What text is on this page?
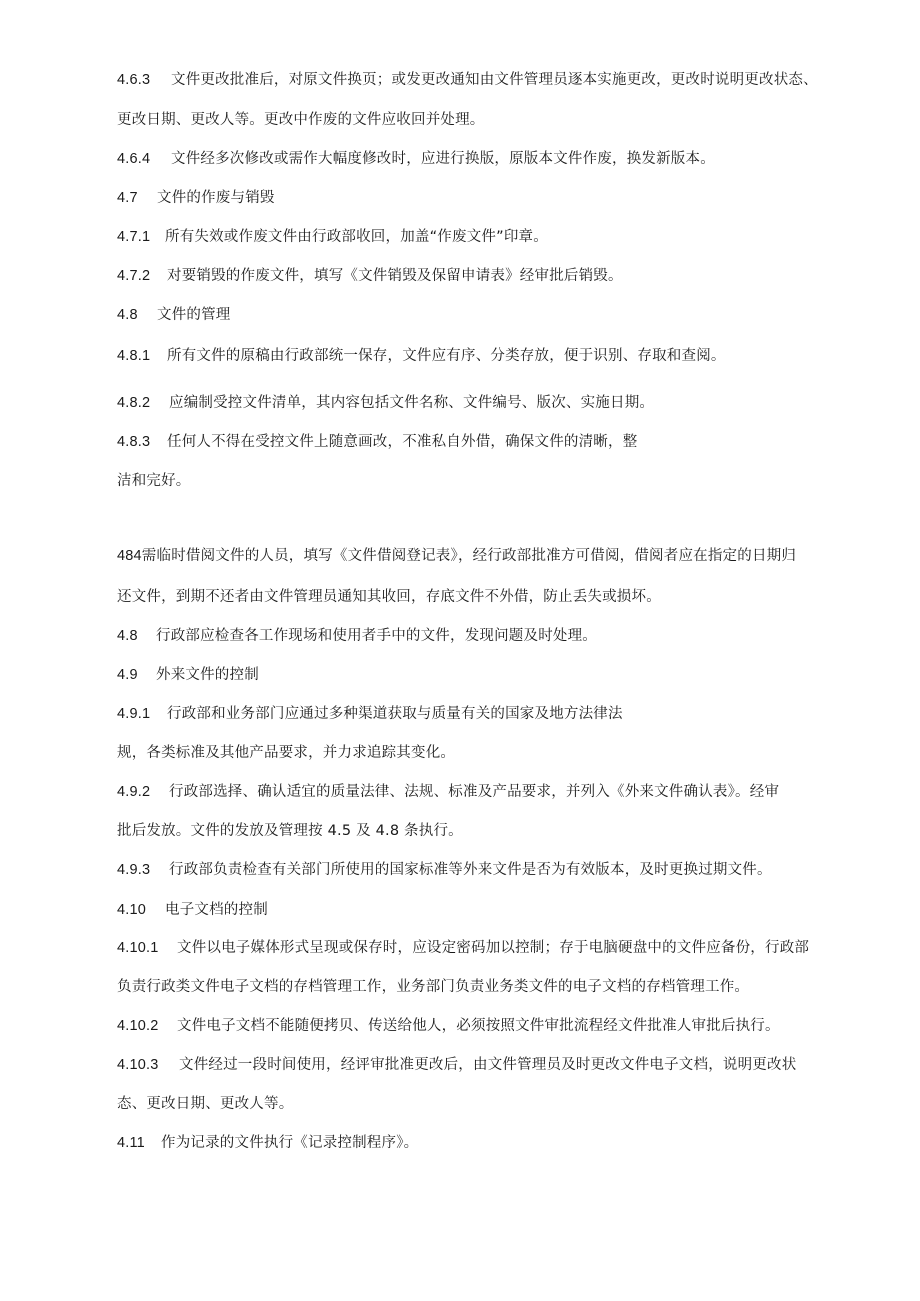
4.6.3 文件更改批准后，对原文件换页；或发更改通知由文件管理员逐本实施更改，更改时说明更改状态、
更改日期、更改人等。更改中作废的文件应收回并处理。
4.6.4 文件经多次修改或需作大幅度修改时，应进行换版，原版本文件作废，换发新版本。
4.7 文件的作废与销毁
4.7.1 所有失效或作废文件由行政部收回，加盖“作废文件”印章。
4.7.2 对要销毁的作废文件，填写《文件销毁及保留申请表》经审批后销毁。
4.8 文件的管理
4.8.1 所有文件的原稿由行政部统一保存，文件应有序、分类存放，便于识别、存取和查阅。
4.8.2 应编制受控文件清单，其内容包括文件名称、文件编号、版次、实施日期。
4.8.3 任何人不得在受控文件上随意画改，不准私自外借，确保文件的清晰，整
洁和完好。
484需临时借阅文件的人员，填写《文件借阅登记表》，经行政部批准方可借阅，借阅者应在指定的日期归
还文件，到期不还者由文件管理员通知其收回，存底文件不外借，防止丢失或损坏。
4.8 行政部应检查各工作现场和使用者手中的文件，发现问题及时处理。
4.9 外来文件的控制
4.9.1 行政部和业务部门应通过多种渠道获取与质量有关的国家及地方法律法
规，各类标准及其他产品要求，并力求追踪其变化。
4.9.2 行政部选择、确认适宜的质量法律、法规、标准及产品要求，并列入《外来文件确认表》。经审
批后发放。文件的发放及管理按 4.5 及 4.8 条执行。
4.9.3 行政部负责检查有关部门所使用的国家标准等外来文件是否为有效版本，及时更换过期文件。
4.10 电子文档的控制
4.10.1 文件以电子媒体形式呈现或保存时，应设定密码加以控制；存于电脑硬盘中的文件应备份，行政部
负责行政类文件电子文档的存档管理工作，业务部门负责业务类文件的电子文档的存档管理工作。
4.10.2 文件电子文档不能随便拷贝、传送给他人，必须按照文件审批流程经文件批准人审批后执行。
4.10.3 文件经过一段时间使用，经评审批准更改后，由文件管理员及时更改文件电子文档，说明更改状
态、更改日期、更改人等。
4.11 作为记录的文件执行《记录控制程序》。
